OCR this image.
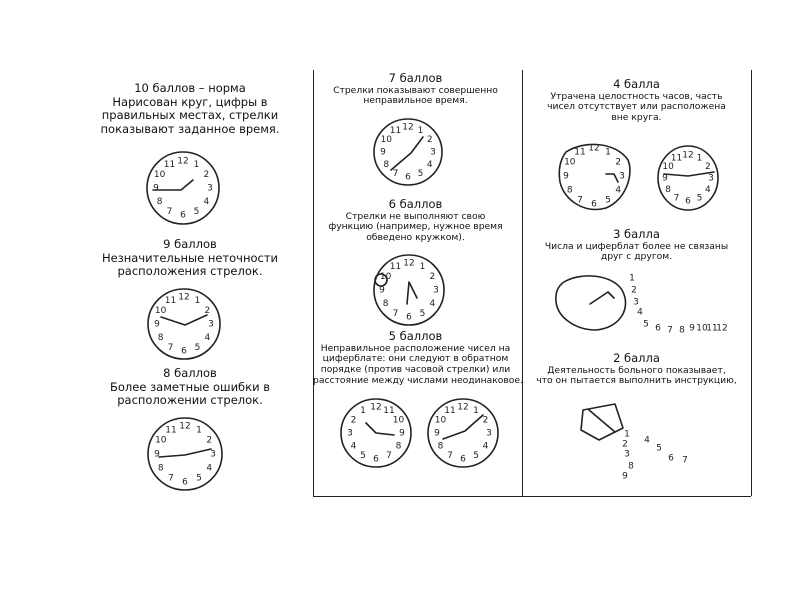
10 баллов – норма
Нарисован круг, цифры в
правильных местах, стрелки
показывают заданное время.
12 1
2
3
4
5
6
7
8
9
10
11
9 баллов
Незначительные неточности
расположения стрелок.
12 1
2
3
4
5
6
7
8
9
10
11
8 баллов
Более заметные ошибки в
расположении стрелок.
12 1
2
3
4
5
6
7
8
9
10
11
7 баллов
Стрелки показывают совершенно
неправильное время.
12 1
2
3
4
5
6
7
8
9
10
11
6 баллов
Стрелки не выполняют свою
функцию (например, нужное время
обведено кружком).
12 1
2
3
4
5
6
7
8
9
10
11
5 баллов
Неправильное расположение чисел на
циферблате: они следуют в обратном
порядке (против часовой стрелки) или
расстояние между числами неодинаковое.
12
1
2
3
4
5 6 7
8
9
10
11	12 1
2
3
4
5
6
7
8
9
10
11
4 балла
Утрачена целостность часов, часть
чисел отсутствует или расположена
вне круга.
12 1
2
3
4
5
6
7
8
9
10
11	12 1
2
3
4
5
6
7
8
9
10
11
3 балла
Числа и циферблат более не связаны
друг с другом.
1
2
3
4
5 6 7 8 9 10
11
12
2 балла
Деятельность больного показывает,
что он пытается выполнить инструкцию,
1
2
3
4
5
6 7
8
9
